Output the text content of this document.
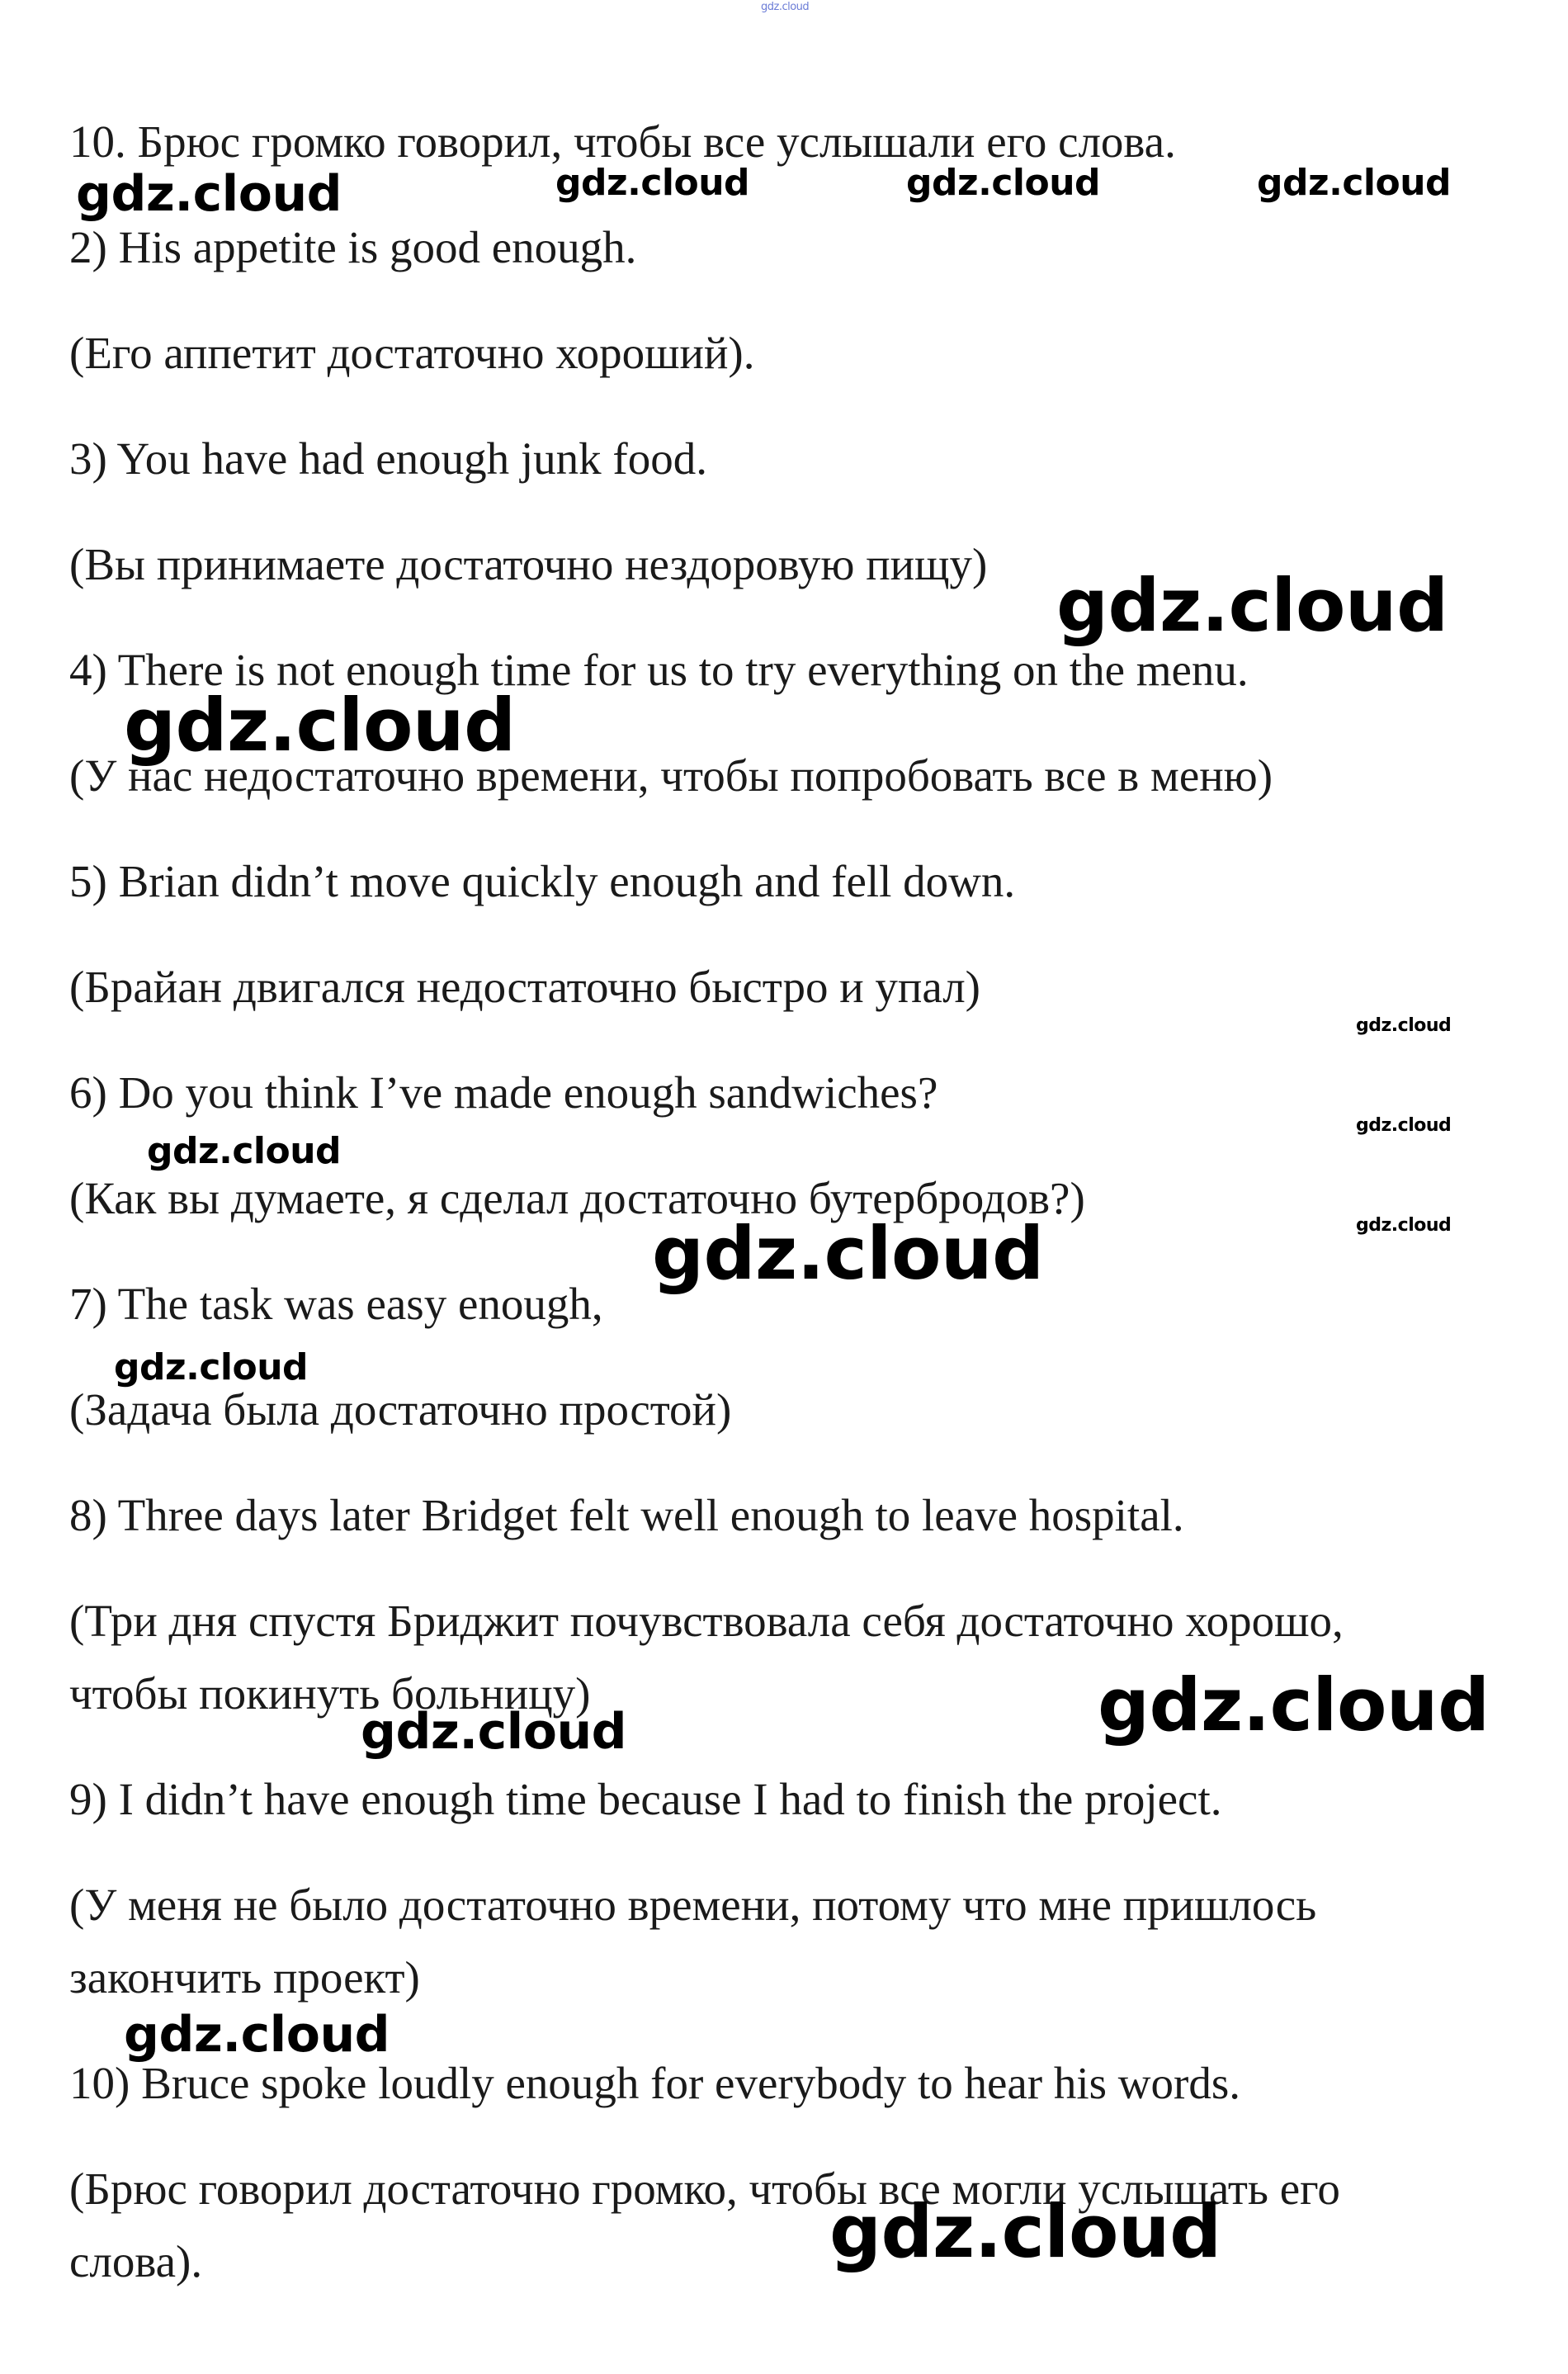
10. Брюс громко говорил, чтобы все услышали его слова.

2) His appetite is good enough.

(Его аппетит достаточно хороший).

3) You have had enough junk food.

(Вы принимаете достаточно нездоровую пищу)

4) There is not enough time for us to try everything on the menu.

(У нас недостаточно времени, чтобы попробовать все в меню)

5) Brian didn’t move quickly enough and fell down.

(Брайан двигался недостаточно быстро и упал)

6) Do you think I’ve made enough sandwiches?

(Как вы думаете, я сделал достаточно бутербродов?)

7) The task was easy enough,

(Задача была достаточно простой)

8) Three days later Bridget felt well enough to leave hospital.

(Три дня спустя Бриджит почувствовала себя достаточно хорошо,

чтобы покинуть больницу)

9) I didn’t have enough time because I had to finish the project.

(У меня не было достаточно времени, потому что мне пришлось

закончить проект)

10) Bruce spoke loudly enough for everybody to hear his words.

(Брюс говорил достаточно громко, чтобы все могли услышать его

слова).

gdz.cloud
gdz.cloud	gdz.cloud	gdz.cloud	gdz.cloud
gdz.cloud
gdz.cloud
gdz.cloud
gdz.cloud
gdz.cloud
gdz.cloud
gdz.cloud
gdz.cloud
gdz.cloud
gdz.cloud
gdz.cloud
gdz.cloud
